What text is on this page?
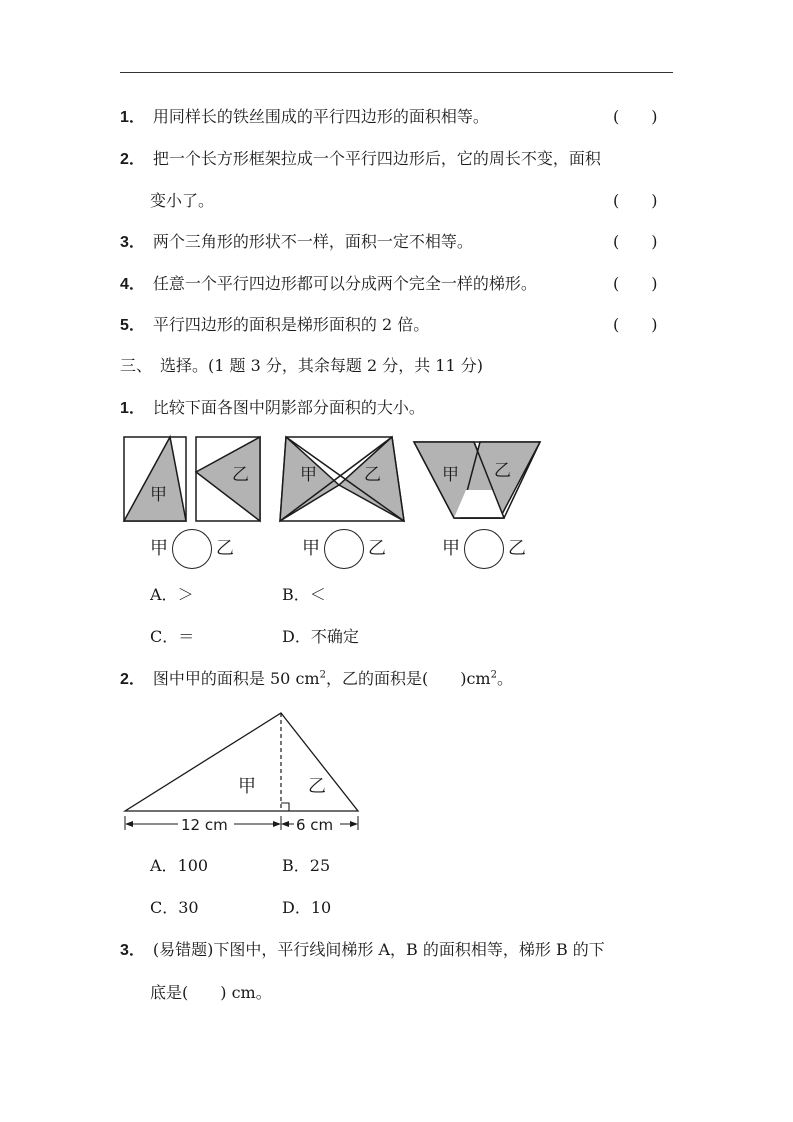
1． 用同样长的铁丝围成的平行四边形的面积相等。	(　　)
2． 把一个长方形框架拉成一个平行四边形后，它的周长不变，面积
变小了。	(　　)
3． 两个三角形的形状不一样，面积一定不相等。	(　　)
4． 任意一个平行四边形都可以分成两个完全一样的梯形。	(　　)
5． 平行四边形的面积是梯形面积的 2 倍。	(　　)
三、　选择。(1 题 3 分，其余每题 2 分，共 11 分)
1． 比较下面各图中阴影部分面积的大小。
甲
乙	甲	乙	甲 乙
甲	乙	甲	乙	甲	乙
A．＞	B．＜
C．＝	D．不确定
2． 图中甲的面积是 50 $cm^2$，乙的面积是(　　)$cm^2$。
甲	乙
12 cm	6 cm
A．100	B．25
C．30	D．10
3． (易错题)下图中，平行线间梯形 A，B 的面积相等，梯形 B 的下
底是(　　) cm。
